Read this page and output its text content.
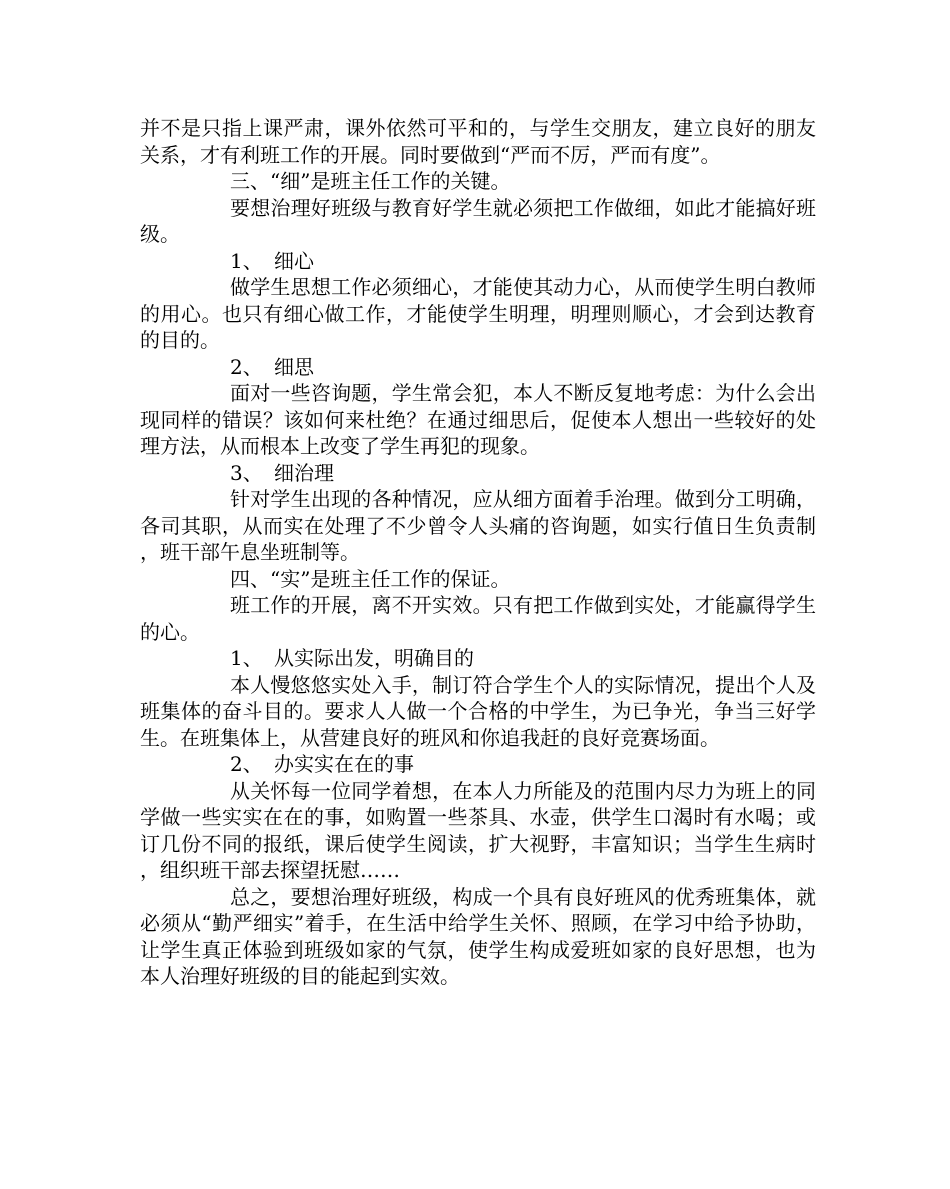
并不是只指上课严肃，课外依然可平和的，与学生交朋友，建立良好的朋友关系，才有利班工作的开展。同时要做到“严而不厉，严而有度”。

三、“细”是班主任工作的关键。

要想治理好班级与教育好学生就必须把工作做细，如此才能搞好班级。

1、 细心

做学生思想工作必须细心，才能使其动力心，从而使学生明白教师的用心。也只有细心做工作，才能使学生明理，明理则顺心，才会到达教育的目的。

2、 细思

面对一些咨询题，学生常会犯，本人不断反复地考虑：为什么会出现同样的错误？该如何来杜绝？在通过细思后，促使本人想出一些较好的处理方法，从而根本上改变了学生再犯的现象。

3、 细治理

针对学生出现的各种情况，应从细方面着手治理。做到分工明确，各司其职，从而实在处理了不少曾令人头痛的咨询题，如实行值日生负责制，班干部午息坐班制等。

四、“实”是班主任工作的保证。

班工作的开展，离不开实效。只有把工作做到实处，才能赢得学生的心。

1、 从实际出发，明确目的

本人慢悠悠实处入手，制订符合学生个人的实际情况，提出个人及班集体的奋斗目的。要求人人做一个合格的中学生，为已争光，争当三好学生。在班集体上，从营建良好的班风和你追我赶的良好竞赛场面。

2、 办实实在在的事

从关怀每一位同学着想，在本人力所能及的范围内尽力为班上的同学做一些实实在在的事，如购置一些茶具、水壶，供学生口渴时有水喝；或订几份不同的报纸，课后使学生阅读，扩大视野，丰富知识；当学生生病时，组织班干部去探望抚慰……

总之，要想治理好班级，构成一个具有良好班风的优秀班集体，就必须从“勤严细实”着手，在生活中给学生关怀、照顾，在学习中给予协助，让学生真正体验到班级如家的气氛，使学生构成爱班如家的良好思想，也为本人治理好班级的目的能起到实效。
